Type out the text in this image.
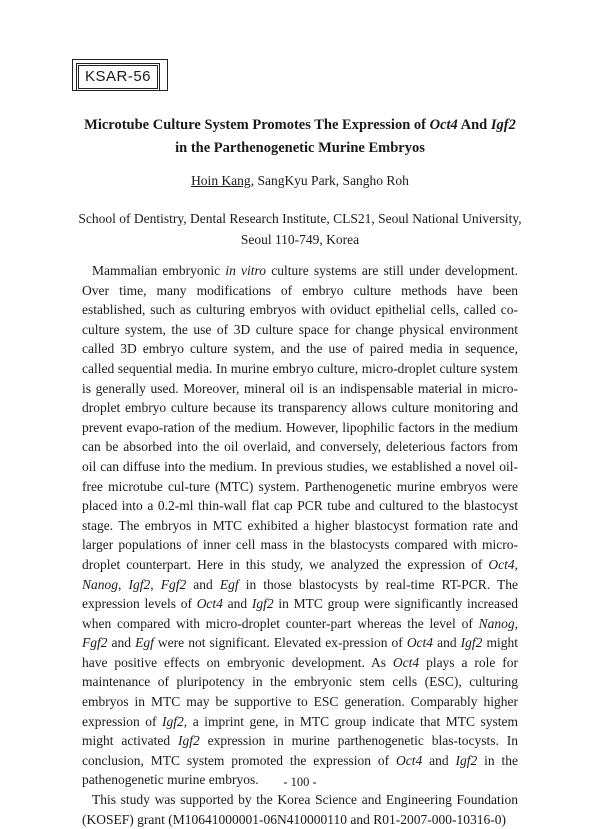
KSAR-56
Microtube Culture System Promotes The Expression of Oct4 And Igf2
in the Parthenogenetic Murine Embryos
Hoin Kang, SangKyu Park, Sangho Roh
School of Dentistry, Dental Research Institute, CLS21, Seoul National University,
Seoul 110-749, Korea

Mammalian embryonic in vitro culture systems are still under development. Over time, many modifications of embryo culture methods have been established, such as culturing embryos with oviduct epithelial cells, called co-culture system, the use of 3D culture space for change physical environment called 3D embryo culture system, and the use of paired media in sequence, called sequential media. In murine embryo culture, micro-droplet culture system is generally used. Moreover, mineral oil is an indispensable material in micro-droplet embryo culture because its transparency allows culture monitoring and prevent evapo-ration of the medium. However, lipophilic factors in the medium can be absorbed into the oil overlaid, and conversely, deleterious factors from oil can diffuse into the medium. In previous studies, we established a novel oil-free microtube cul-ture (MTC) system. Parthenogenetic murine embryos were placed into a 0.2-ml thin-wall flat cap PCR tube and cultured to the blastocyst stage. The embryos in MTC exhibited a higher blastocyst formation rate and larger populations of inner cell mass in the blastocysts compared with micro-droplet counterpart. Here in this study, we analyzed the expression of Oct4, Nanog, Igf2, Fgf2 and Egf in those blastocysts by real-time RT-PCR. The expression levels of Oct4 and Igf2 in MTC group were significantly increased when compared with micro-droplet counter-part whereas the level of Nanog, Fgf2 and Egf were not significant. Elevated ex-pression of Oct4 and Igf2 might have positive effects on embryonic development. As Oct4 plays a role for maintenance of pluripotency in the embryonic stem cells (ESC), culturing embryos in MTC may be supportive to ESC generation. Comparably higher expression of Igf2, a imprint gene, in MTC group indicate that MTC system might activated Igf2 expression in murine parthenogenetic blas-tocysts. In conclusion, MTC system promoted the expression of Oct4 and Igf2 in the pathenogenetic murine embryos.

This study was supported by the Korea Science and Engineering Foundation (KOSEF) grant (M10641000001-06N410000110 and R01-2007-000-10316-0)

- 100 -
